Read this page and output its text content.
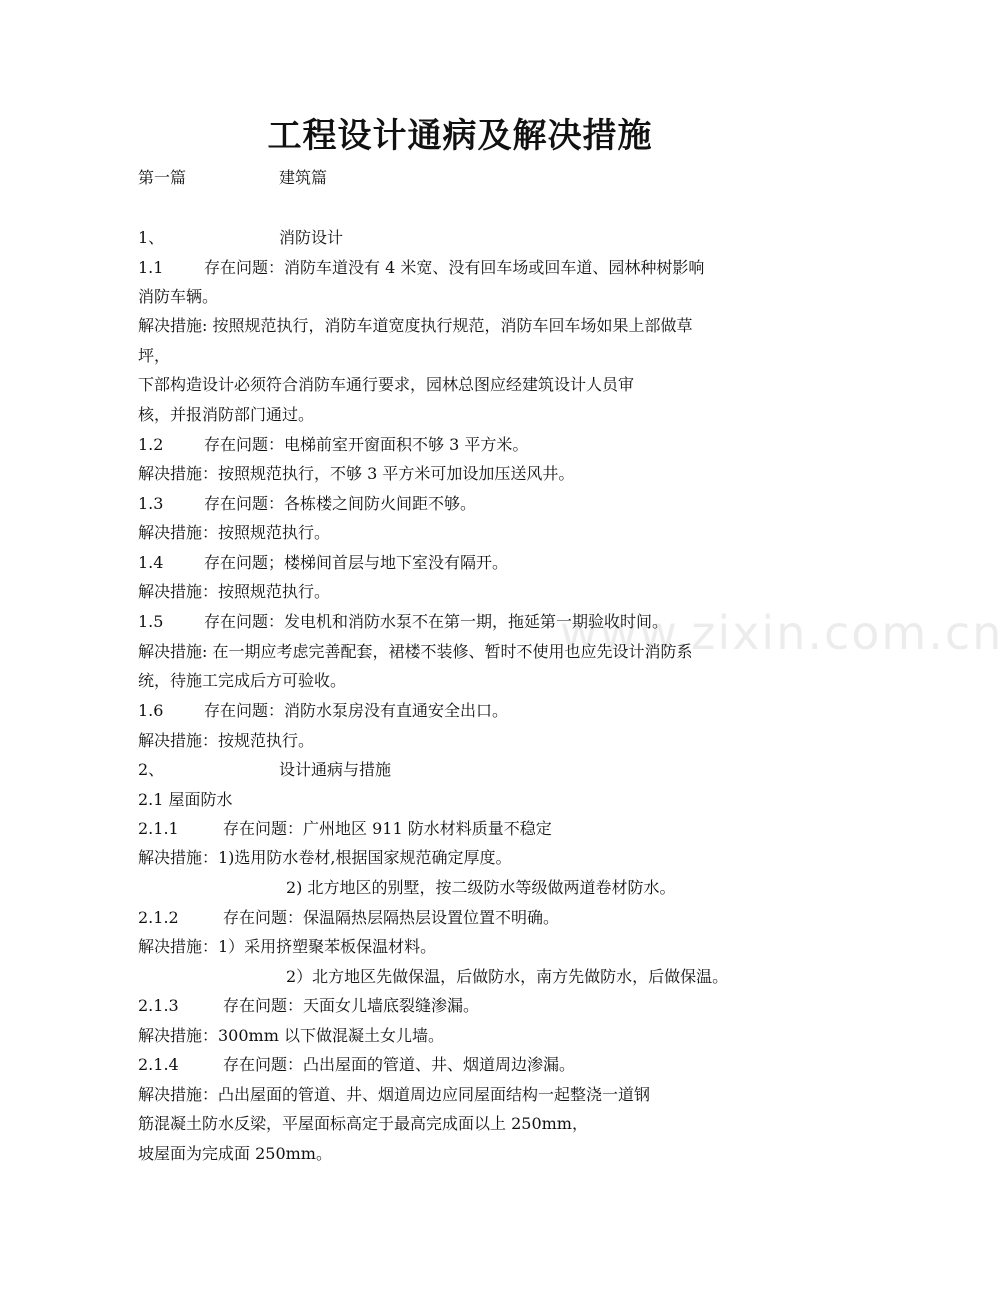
工程设计通病及解决措施
第一篇	建筑篇
1、	消防设计
1.1	存在问题：消防车道没有 4 米宽、没有回车场或回车道、园林种树影响
消防车辆。
解决措施: 按照规范执行，消防车道宽度执行规范，消防车回车场如果上部做草
坪，
下部构造设计必须符合消防车通行要求，园林总图应经建筑设计人员审
核，并报消防部门通过。
1.2	存在问题：电梯前室开窗面积不够 3 平方米。
解决措施：按照规范执行，不够 3 平方米可加设加压送风井。
1.3	存在问题：各栋楼之间防火间距不够。
解决措施：按照规范执行。
1.4	存在问题；楼梯间首层与地下室没有隔开。
解决措施：按照规范执行。
1.5	存在问题：发电机和消防水泵不在第一期，拖延第一期验收时间。
解决措施: 在一期应考虑完善配套，裙楼不装修、暂时不使用也应先设计消防系
统，待施工完成后方可验收。
1.6	存在问题：消防水泵房没有直通安全出口。
解决措施：按规范执行。
2、	设计通病与措施
2.1 屋面防水
2.1.1	存在问题：广州地区 911 防水材料质量不稳定
解决措施：1)选用防水卷材,根据国家规范确定厚度。
2) 北方地区的别墅，按二级防水等级做两道卷材防水。
2.1.2	存在问题：保温隔热层隔热层设置位置不明确。
解决措施：1）采用挤塑聚苯板保温材料。
2）北方地区先做保温，后做防水，南方先做防水，后做保温。
2.1.3	存在问题：天面女儿墙底裂缝渗漏。
解决措施：300mm 以下做混凝土女儿墙。
2.1.4	存在问题：凸出屋面的管道、井、烟道周边渗漏。
解决措施：凸出屋面的管道、井、烟道周边应同屋面结构一起整浇一道钢
筋混凝土防水反梁，平屋面标高定于最高完成面以上 250mm，
坡屋面为完成面 250mm。
www.zixin.com.cn
